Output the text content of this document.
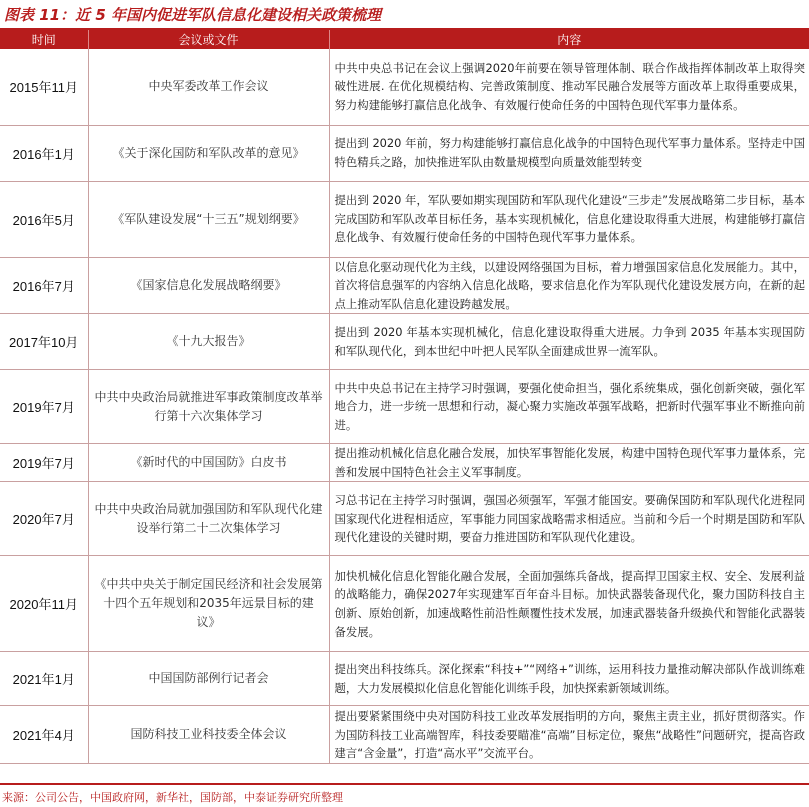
图表 11：近 5 年国内促进军队信息化建设相关政策梳理
时间	会议或文件	内容
2015年11月	中央军委改革工作会议	中共中央总书记在会议上强调2020年前要在领导管理体制、联合作战指挥体制改革上取得突破性进展. 在优化规模结构、完善政策制度、推动军民融合发展等方面改革上取得重要成果，努力构建能够打赢信息化战争、有效履行使命任务的中国特色现代军事力量体系。
2016年1月	《关于深化国防和军队改革的意见》	提出到 2020 年前，努力构建能够打赢信息化战争的中国特色现代军事力量体系。坚持走中国特色精兵之路，加快推进军队由数量规模型向质量效能型转变
2016年5月	《军队建设发展“十三五”规划纲要》	提出到 2020 年，军队要如期实现国防和军队现代化建设“三步走”发展战略第二步目标，基本完成国防和军队改革目标任务，基本实现机械化，信息化建设取得重大进展，构建能够打赢信息化战争、有效履行使命任务的中国特色现代军事力量体系。
2016年7月	《国家信息化发展战略纲要》	以信息化驱动现代化为主线，以建设网络强国为目标，着力增强国家信息化发展能力。其中，首次将信息强军的内容纳入信息化战略，要求信息化作为军队现代化建设发展方向，在新的起点上推动军队信息化建设跨越发展。
2017年10月	《十九大报告》	提出到 2020 年基本实现机械化，信息化建设取得重大进展。力争到 2035 年基本实现国防和军队现代化，到本世纪中叶把人民军队全面建成世界一流军队。
2019年7月	中共中央政治局就推进军事政策制度改革举行第十六次集体学习	中共中央总书记在主持学习时强调，要强化使命担当，强化系统集成，强化创新突破，强化军地合力，进一步统一思想和行动，凝心聚力实施改革强军战略，把新时代强军事业不断推向前进。
2019年7月	《新时代的中国国防》白皮书	提出推动机械化信息化融合发展，加快军事智能化发展，构建中国特色现代军事力量体系，完善和发展中国特色社会主义军事制度。
2020年7月	中共中央政治局就加强国防和军队现代化建设举行第二十二次集体学习	习总书记在主持学习时强调，强国必须强军，军强才能国安。要确保国防和军队现代化进程同国家现代化进程相适应，军事能力同国家战略需求相适应。当前和今后一个时期是国防和军队现代化建设的关键时期，要奋力推进国防和军队现代化建设。
2020年11月	《中共中央关于制定国民经济和社会发展第十四个五年规划和2035年远景目标的建议》	加快机械化信息化智能化融合发展，全面加强练兵备战，提高捍卫国家主权、安全、发展利益的战略能力，确保2027年实现建军百年奋斗目标。加快武器装备现代化，聚力国防科技自主创新、原始创新，加速战略性前沿性颠覆性技术发展，加速武器装备升级换代和智能化武器装备发展。
2021年1月	中国国防部例行记者会	提出突出科技练兵。深化探索“科技+”“网络+”训练，运用科技力量推动解决部队作战训练难题，大力发展模拟化信息化智能化训练手段，加快探索新领域训练。
2021年4月	国防科技工业科技委全体会议	提出要紧紧围绕中央对国防科技工业改革发展指明的方向，聚焦主责主业，抓好贯彻落实。作为国防科技工业高端智库，科技委要瞄准“高端”目标定位，聚焦“战略性”问题研究，提高咨政建言“含金量”，打造“高水平”交流平台。
来源：公司公告，中国政府网，新华社，国防部，中泰证券研究所整理
